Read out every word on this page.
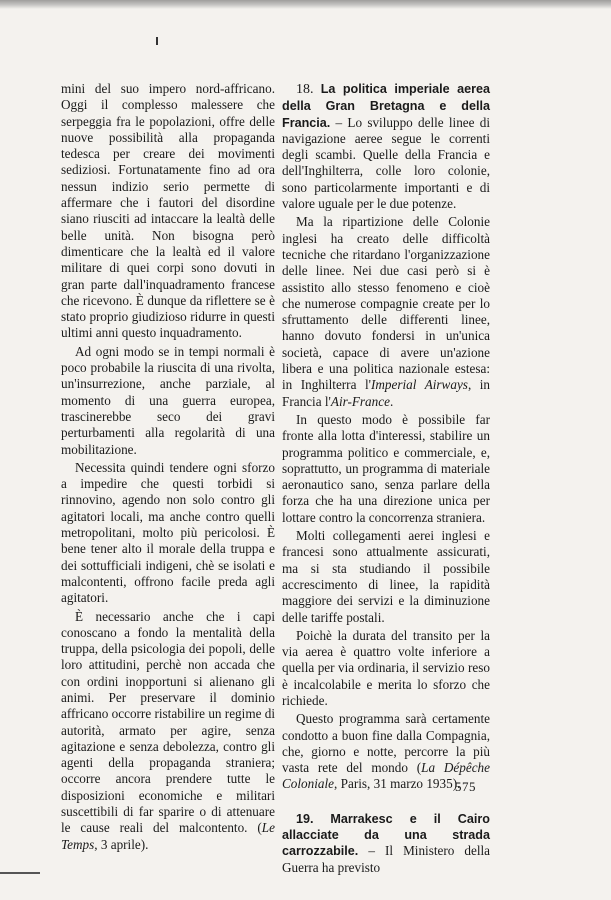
mini del suo impero nord-affricano. Oggi il complesso malessere che serpeggia fra le popolazioni, offre delle nuove possibilità alla propaganda tedesca per creare dei movimenti sediziosi. Fortunatamente fino ad ora nessun indizio serio permette di affermare che i fautori del disordine siano riusciti ad intaccare la lealtà delle belle unità. Non bisogna però dimenticare che la lealtà ed il valore militare di quei corpi sono dovuti in gran parte dall'inquadramento francese che ricevono. È dunque da riflettere se è stato proprio giudizioso ridurre in questi ultimi anni questo inquadramento.

Ad ogni modo se in tempi normali è poco probabile la riuscita di una rivolta, un'insurrezione, anche parziale, al momento di una guerra europea, trascinerebbe seco dei gravi perturbamenti alla regolarità di una mobilitazione.

Necessita quindi tendere ogni sforzo a impedire che questi torbidi si rinnovino, agendo non solo contro gli agitatori locali, ma anche contro quelli metropolitani, molto più pericolosi. È bene tener alto il morale della truppa e dei sottufficiali indigeni, chè se isolati e malcontenti, offrono facile preda agli agitatori.

È necessario anche che i capi conoscano a fondo la mentalità della truppa, della psicologia dei popoli, delle loro attitudini, perchè non accada che con ordini inopportuni si alienano gli animi. Per preservare il dominio affricano occorre ristabilire un regime di autorità, armato per agire, senza agitazione e senza debolezza, contro gli agenti della propaganda straniera; occorre ancora prendere tutte le disposizioni economiche e militari suscettibili di far sparire o di attenuare le cause reali del malcontento. (Le Temps, 3 aprile).

18. La politica imperiale aerea della Gran Bretagna e della Francia. – Lo sviluppo delle linee di navigazione aeree segue le correnti degli scambi. Quelle della Francia e dell'Inghilterra, colle loro colonie, sono particolarmente importanti e di valore uguale per le due potenze.

Ma la ripartizione delle Colonie inglesi ha creato delle difficoltà tecniche che ritardano l'organizzazione delle linee. Nei due casi però si è assistito allo stesso fenomeno e cioè che numerose compagnie create per lo sfruttamento delle differenti linee, hanno dovuto fondersi in un'unica società, capace di avere un'azione libera e una politica nazionale estesa: in Inghilterra l'Imperial Airways, in Francia l'Air-France.

In questo modo è possibile far fronte alla lotta d'interessi, stabilire un programma politico e commerciale, e, soprattutto, un programma di materiale aeronautico sano, senza parlare della forza che ha una direzione unica per lottare contro la concorrenza straniera.

Molti collegamenti aerei inglesi e francesi sono attualmente assicurati, ma si sta studiando il possibile accrescimento di linee, la rapidità maggiore dei servizi e la diminuzione delle tariffe postali.

Poichè la durata del transito per la via aerea è quattro volte inferiore a quella per via ordinaria, il servizio reso è incalcolabile e merita lo sforzo che richiede.

Questo programma sarà certamente condotto a buon fine dalla Compagnia, che, giorno e notte, percorre la più vasta rete del mondo (La Dépêche Coloniale, Paris, 31 marzo 1935).

19. Marrakesc e il Cairo allacciate da una strada carrozzabile. – Il Ministero della Guerra ha previsto

575
